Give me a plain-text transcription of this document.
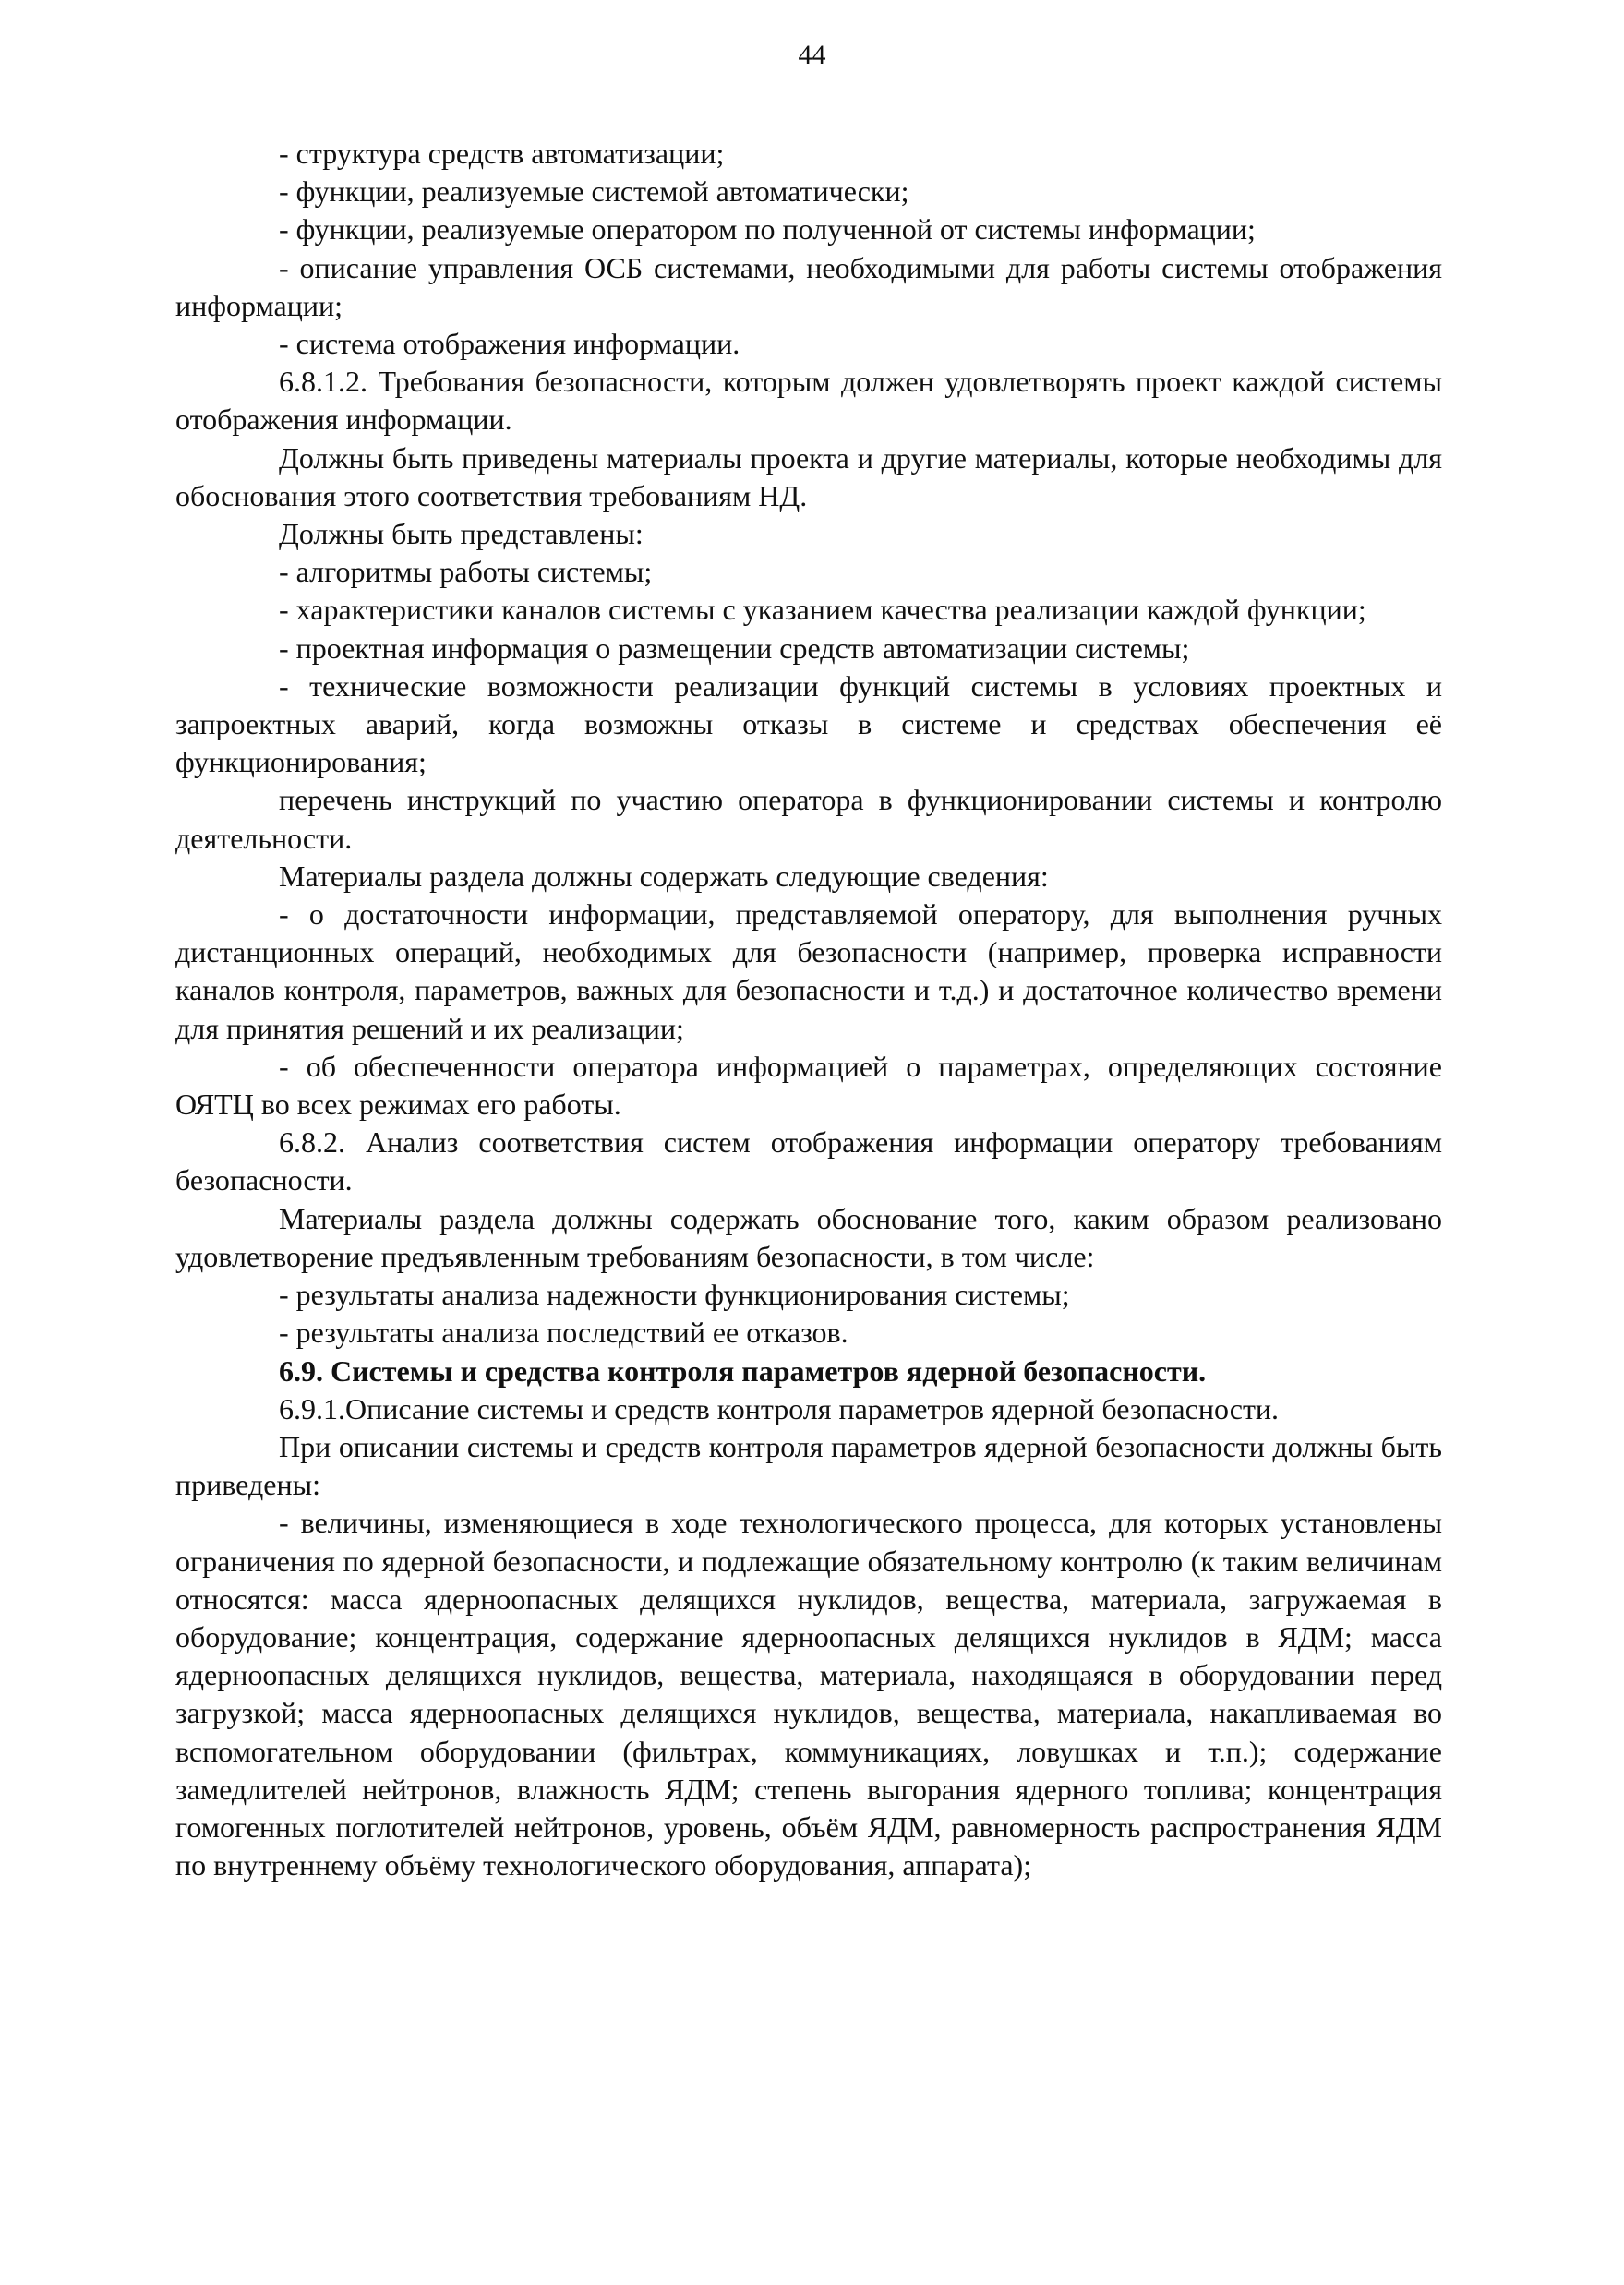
44

- структура средств автоматизации;

- функции, реализуемые системой автоматически;

- функции, реализуемые оператором по полученной от системы информации;

- описание управления ОСБ системами, необходимыми для работы системы отображения информации;

- система отображения информации.

6.8.1.2. Требования безопасности, которым должен удовлетворять проект каждой системы отображения информации.

Должны быть приведены материалы проекта и другие материалы, которые необходимы для обоснования этого соответствия требованиям НД.

Должны быть представлены:

- алгоритмы работы системы;

- характеристики каналов системы с указанием качества реализации каждой функции;

- проектная информация о размещении средств автоматизации системы;

- технические возможности реализации функций системы в условиях проектных и запроектных аварий, когда возможны отказы в системе и средствах обеспечения её функционирования;

перечень инструкций по участию оператора в функционировании системы и контролю деятельности.

Материалы раздела должны содержать следующие сведения:

- о достаточности информации, представляемой оператору, для выполнения ручных дистанционных операций, необходимых для безопасности (например, проверка исправности каналов контроля, параметров, важных для безопасности и т.д.) и достаточное количество времени для принятия решений и их реализации;

- об обеспеченности оператора информацией о параметрах, определяющих состояние ОЯТЦ во всех режимах его работы.

6.8.2. Анализ соответствия систем отображения информации оператору требованиям безопасности.

Материалы раздела должны содержать обоснование того, каким образом реализовано удовлетворение предъявленным требованиям безопасности, в том числе:

- результаты анализа надежности функционирования системы;

- результаты анализа последствий ее отказов.

6.9. Системы и средства контроля параметров ядерной безопасности.

6.9.1.Описание системы и средств контроля параметров ядерной безопасности.

При описании системы и средств контроля параметров ядерной безопасности должны быть приведены:

- величины, изменяющиеся в ходе технологического процесса, для которых установлены ограничения по ядерной безопасности, и подлежащие обязательному контролю (к таким величинам относятся: масса ядерноопасных делящихся нуклидов, вещества, материала, загружаемая в оборудование; концентрация, содержание ядерноопасных делящихся нуклидов в ЯДМ; масса ядерноопасных делящихся нуклидов, вещества, материала, находящаяся в оборудовании перед загрузкой; масса ядерноопасных делящихся нуклидов, вещества, материала, накапливаемая во вспомогательном оборудовании (фильтрах, коммуникациях, ловушках и т.п.); содержание замедлителей нейтронов, влажность ЯДМ; степень выгорания ядерного топлива; концентрация гомогенных поглотителей нейтронов, уровень, объём ЯДМ, равномерность распространения ЯДМ по внутреннему объёму технологического оборудования, аппарата);
